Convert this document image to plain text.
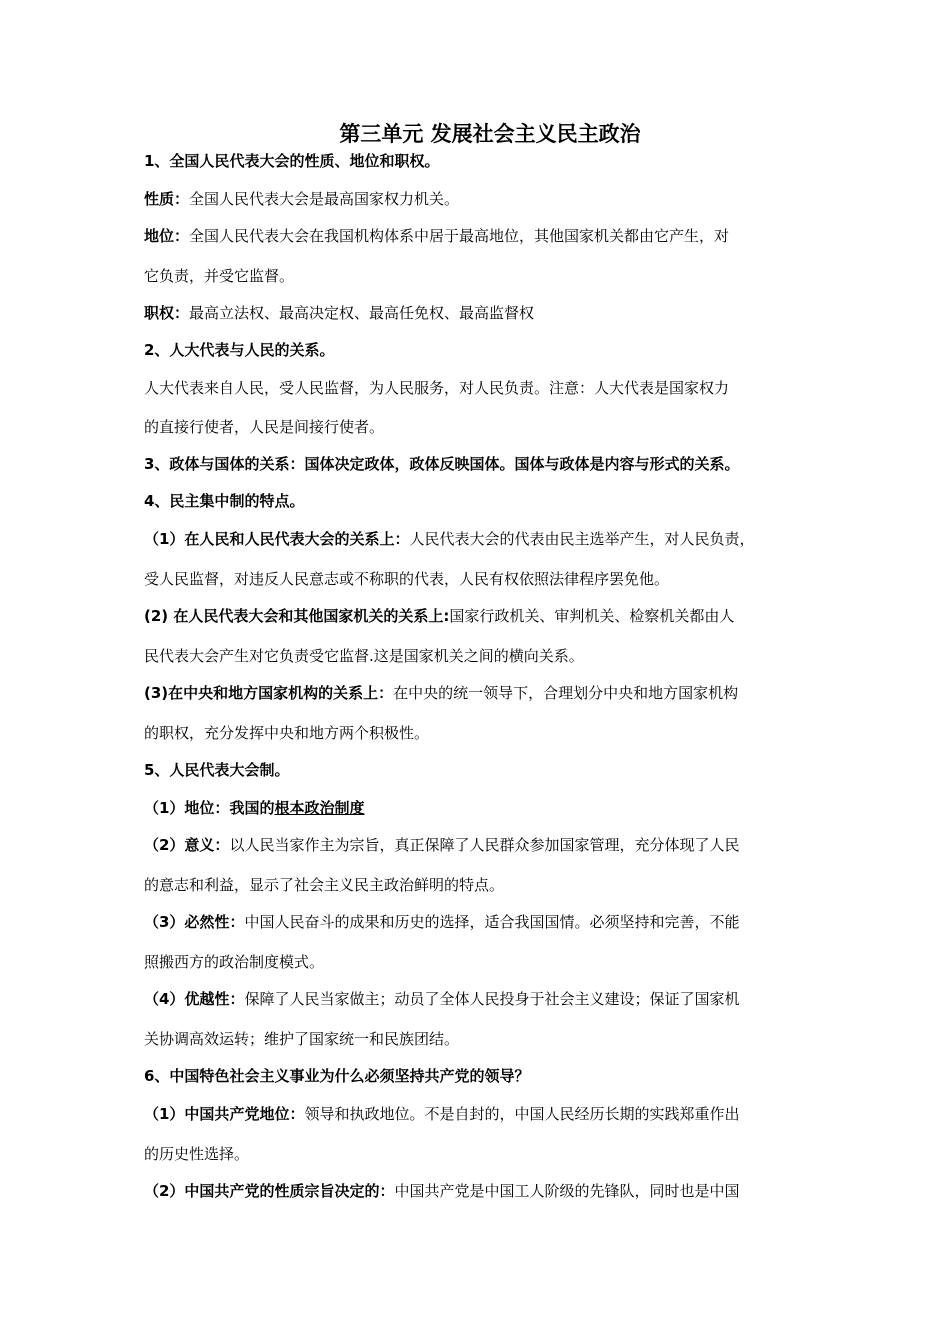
第三单元 发展社会主义民主政治
1、全国人民代表大会的性质、地位和职权。
性质：全国人民代表大会是最高国家权力机关。
地位：全国人民代表大会在我国机构体系中居于最高地位，其他国家机关都由它产生，对
它负责，并受它监督。
职权：最高立法权、最高决定权、最高任免权、最高监督权
2、人大代表与人民的关系。
人大代表来自人民，受人民监督，为人民服务，对人民负责。注意：人大代表是国家权力
的直接行使者，人民是间接行使者。
3、政体与国体的关系：国体决定政体，政体反映国体。国体与政体是内容与形式的关系。
4、民主集中制的特点。
（1）在人民和人民代表大会的关系上：人民代表大会的代表由民主选举产生，对人民负责，
受人民监督，对违反人民意志或不称职的代表，人民有权依照法律程序罢免他。
(2) 在人民代表大会和其他国家机关的关系上:国家行政机关、审判机关、检察机关都由人
民代表大会产生对它负责受它监督.这是国家机关之间的横向关系。
(3)在中央和地方国家机构的关系上：在中央的统一领导下，合理划分中央和地方国家机构
的职权，充分发挥中央和地方两个积极性。
5、人民代表大会制。
（1）地位：我国的根本政治制度
（2）意义：以人民当家作主为宗旨，真正保障了人民群众参加国家管理，充分体现了人民
的意志和利益，显示了社会主义民主政治鲜明的特点。
（3）必然性：中国人民奋斗的成果和历史的选择，适合我国国情。必须坚持和完善，不能
照搬西方的政治制度模式。
（4）优越性：保障了人民当家做主；动员了全体人民投身于社会主义建设；保证了国家机
关协调高效运转；维护了国家统一和民族团结。
6、中国特色社会主义事业为什么必须坚持共产党的领导？
（1）中国共产党地位：领导和执政地位。不是自封的，中国人民经历长期的实践郑重作出
的历史性选择。
（2）中国共产党的性质宗旨决定的：中国共产党是中国工人阶级的先锋队，同时也是中国
